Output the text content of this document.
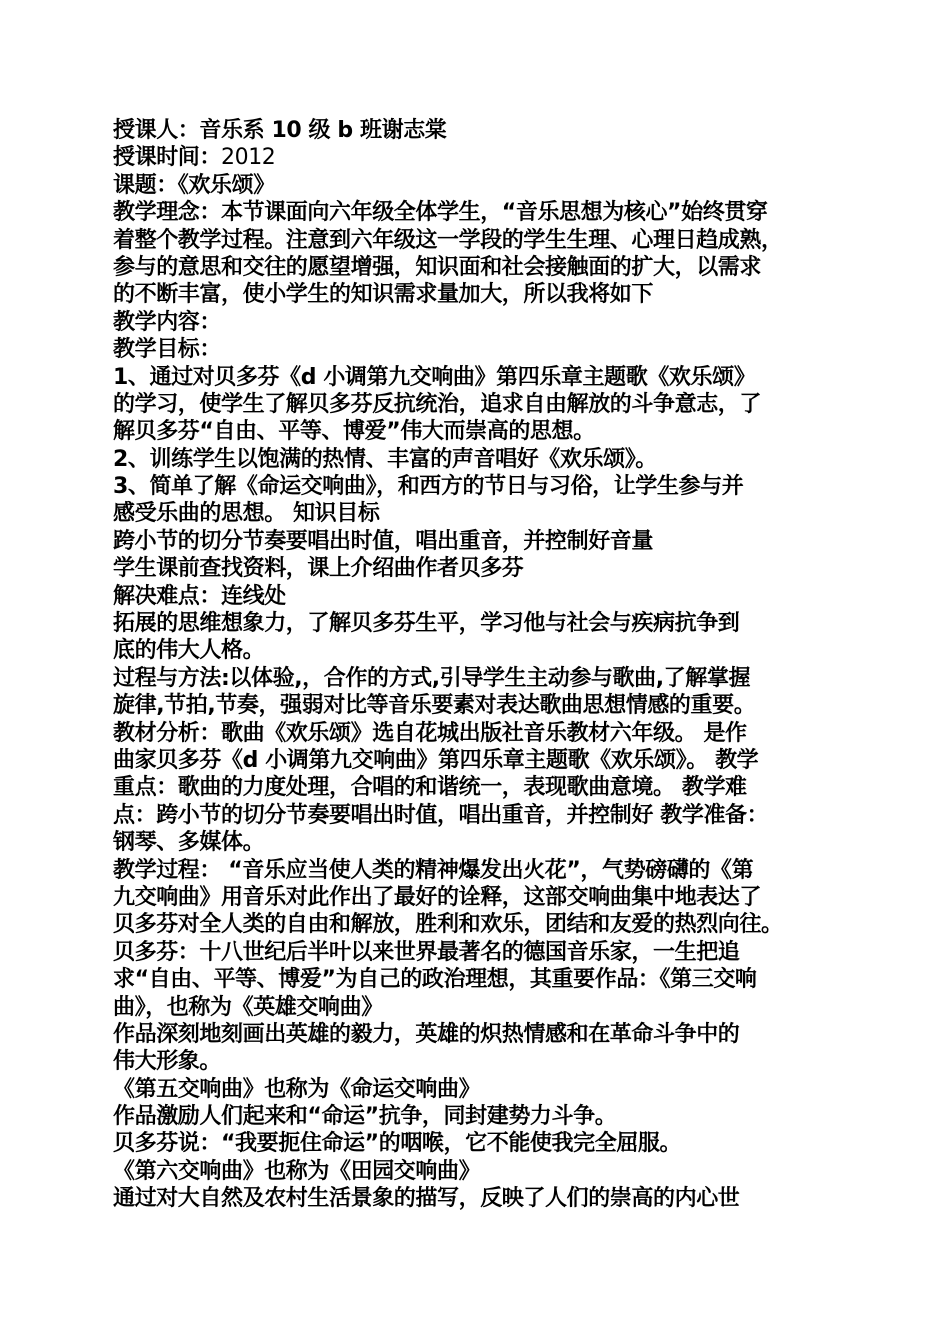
授课人：音乐系 10 级 b 班谢志棠
授课时间：2012
课题：《欢乐颂》
教学理念：本节课面向六年级全体学生，“音乐思想为核心”始终贯穿
着整个教学过程。注意到六年级这一学段的学生生理、心理日趋成熟，
参与的意思和交往的愿望增强，知识面和社会接触面的扩大，以需求
的不断丰富，使小学生的知识需求量加大，所以我将如下
教学内容：
教学目标：
1、通过对贝多芬《d 小调第九交响曲》第四乐章主题歌《欢乐颂》
的学习，使学生了解贝多芬反抗统治，追求自由解放的斗争意志，了
解贝多芬“自由、平等、博爱”伟大而崇高的思想。
2、训练学生以饱满的热情、丰富的声音唱好《欢乐颂》。
3、简单了解《命运交响曲》，和西方的节日与习俗，让学生参与并
感受乐曲的思想。 知识目标
跨小节的切分节奏要唱出时值，唱出重音，并控制好音量
学生课前查找资料，课上介绍曲作者贝多芬
解决难点：连线处
拓展的思维想象力，了解贝多芬生平，学习他与社会与疾病抗争到
底的伟大人格。
过程与方法:以体验,，合作的方式,引导学生主动参与歌曲,了解掌握
旋律,节拍,节奏，强弱对比等音乐要素对表达歌曲思想情感的重要。
教材分析：歌曲《欢乐颂》选自花城出版社音乐教材六年级。 是作
曲家贝多芬《d 小调第九交响曲》第四乐章主题歌《欢乐颂》。 教学
重点：歌曲的力度处理，合唱的和谐统一，表现歌曲意境。 教学难
点：跨小节的切分节奏要唱出时值，唱出重音，并控制好 教学准备：
钢琴、多媒体。
教学过程： “音乐应当使人类的精神爆发出火花”，气势磅礴的《第
九交响曲》用音乐对此作出了最好的诠释，这部交响曲集中地表达了
贝多芬对全人类的自由和解放，胜利和欢乐，团结和友爱的热烈向往。
贝多芬：十八世纪后半叶以来世界最著名的德国音乐家，一生把追
求“自由、平等、博爱”为自己的政治理想，其重要作品：《第三交响
曲》，也称为《英雄交响曲》
作品深刻地刻画出英雄的毅力，英雄的炽热情感和在革命斗争中的
伟大形象。
《第五交响曲》也称为《命运交响曲》
作品激励人们起来和“命运”抗争，同封建势力斗争。
贝多芬说：“我要扼住命运”的咽喉，它不能使我完全屈服。
《第六交响曲》也称为《田园交响曲》
通过对大自然及农村生活景象的描写，反映了人们的崇高的内心世
